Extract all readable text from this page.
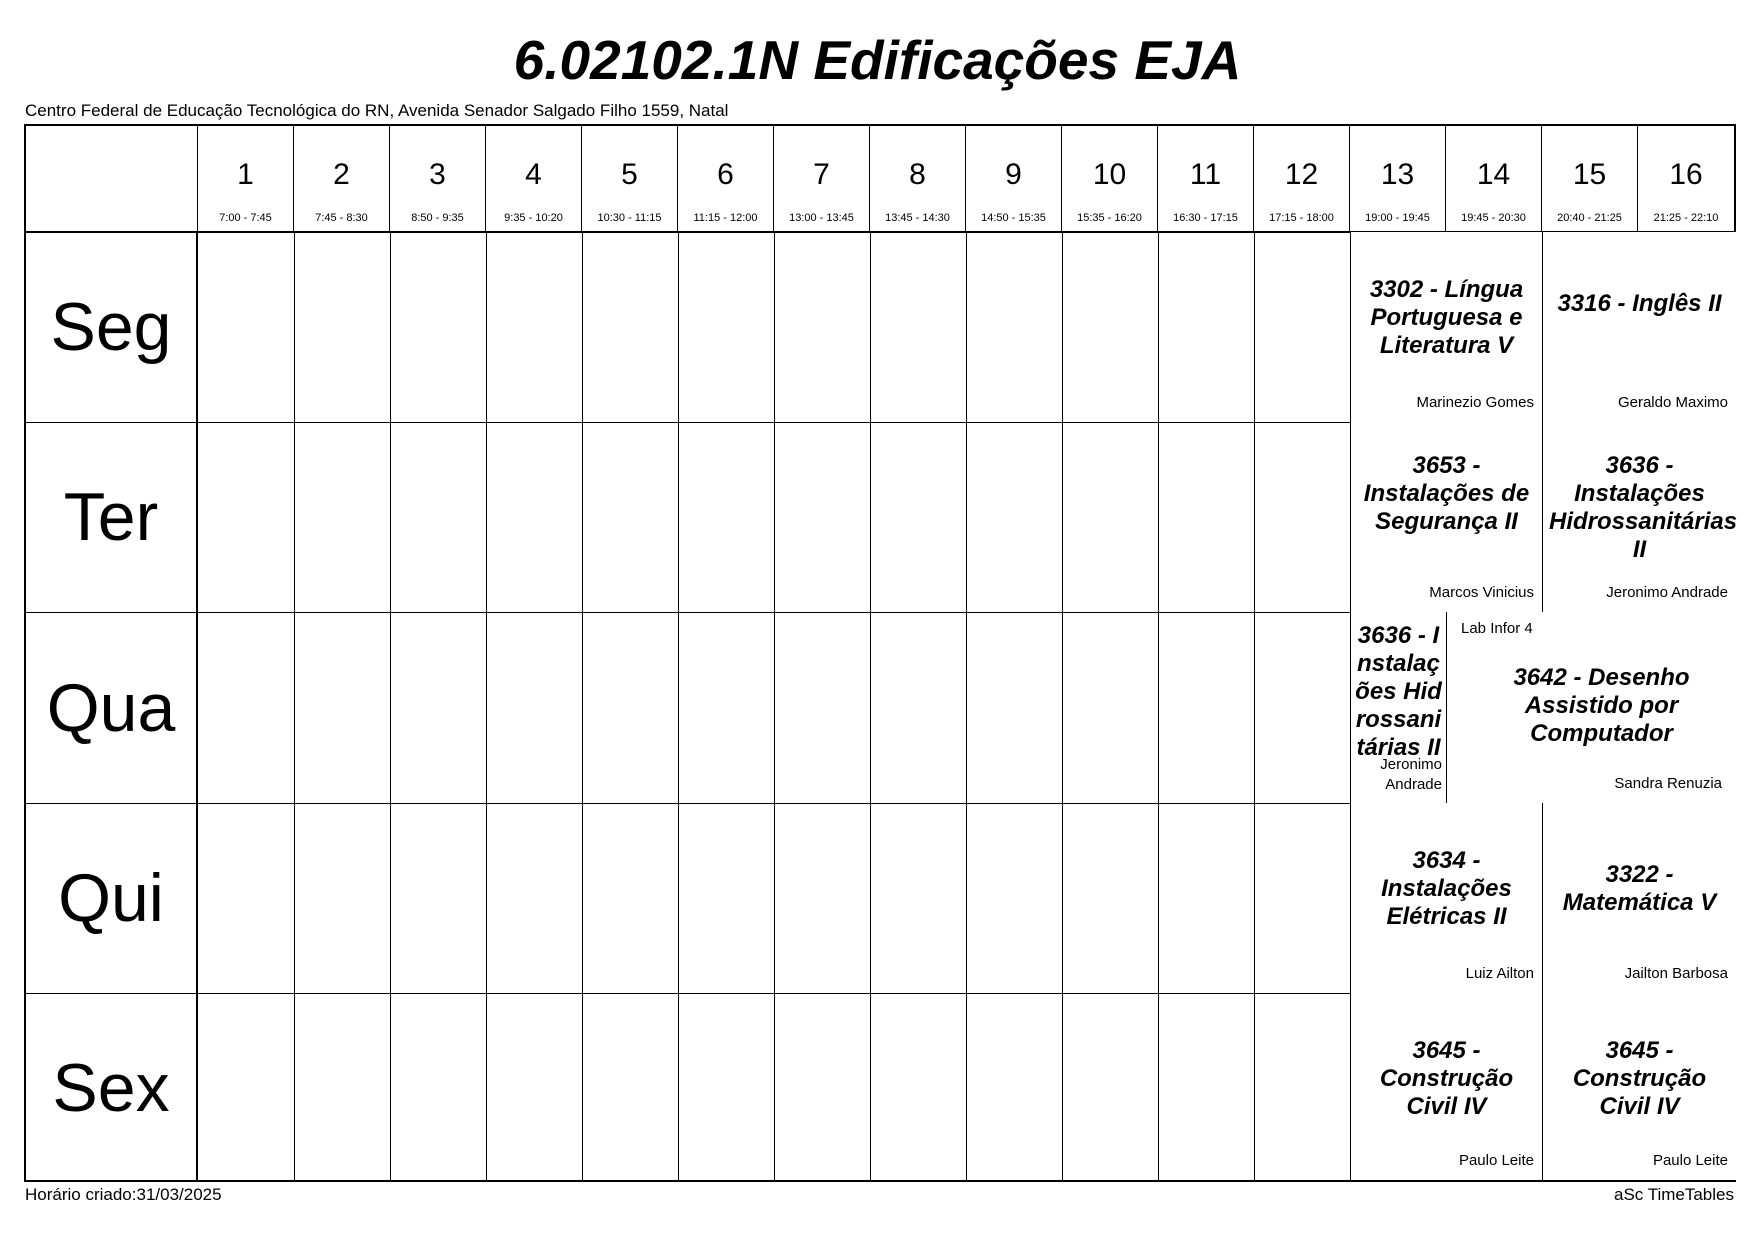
6.02102.1N Edificações EJA
Centro Federal de Educação Tecnológica do RN, Avenida Senador Salgado Filho 1559, Natal
1
7:00 - 7:45
2
7:45 - 8:30
3
8:50 - 9:35
4
9:35 - 10:20
5
10:30 - 11:15
6
11:15 - 12:00
7
13:00 - 13:45
8
13:45 - 14:30
9
14:50 - 15:35
10
15:35 - 16:20
11
16:30 - 17:15
12
17:15 - 18:00
13
19:00 - 19:45
14
19:45 - 20:30
15
20:40 - 21:25
16
21:25 - 22:10
Seg
Ter
Qua
Qui
Sex
3302 - Língua Portuguesa e Literatura V
Marinezio Gomes
3316 - Inglês II
Geraldo Maximo
3653 - Instalações de Segurança II
Marcos Vinicius
3636 - Instalações Hidrossanitárias II
Jeronimo Andrade
3636 - Instalações Hidrossanitárias II
Jeronimo Andrade
Lab Infor 4
3642 - Desenho Assistido por Computador
Sandra Renuzia
3634 - Instalações Elétricas II
Luiz Ailton
3322 - Matemática V
Jailton Barbosa
3645 - Construção Civil IV
Paulo Leite
3645 - Construção Civil IV
Paulo Leite
Horário criado:31/03/2025	aSc TimeTables
